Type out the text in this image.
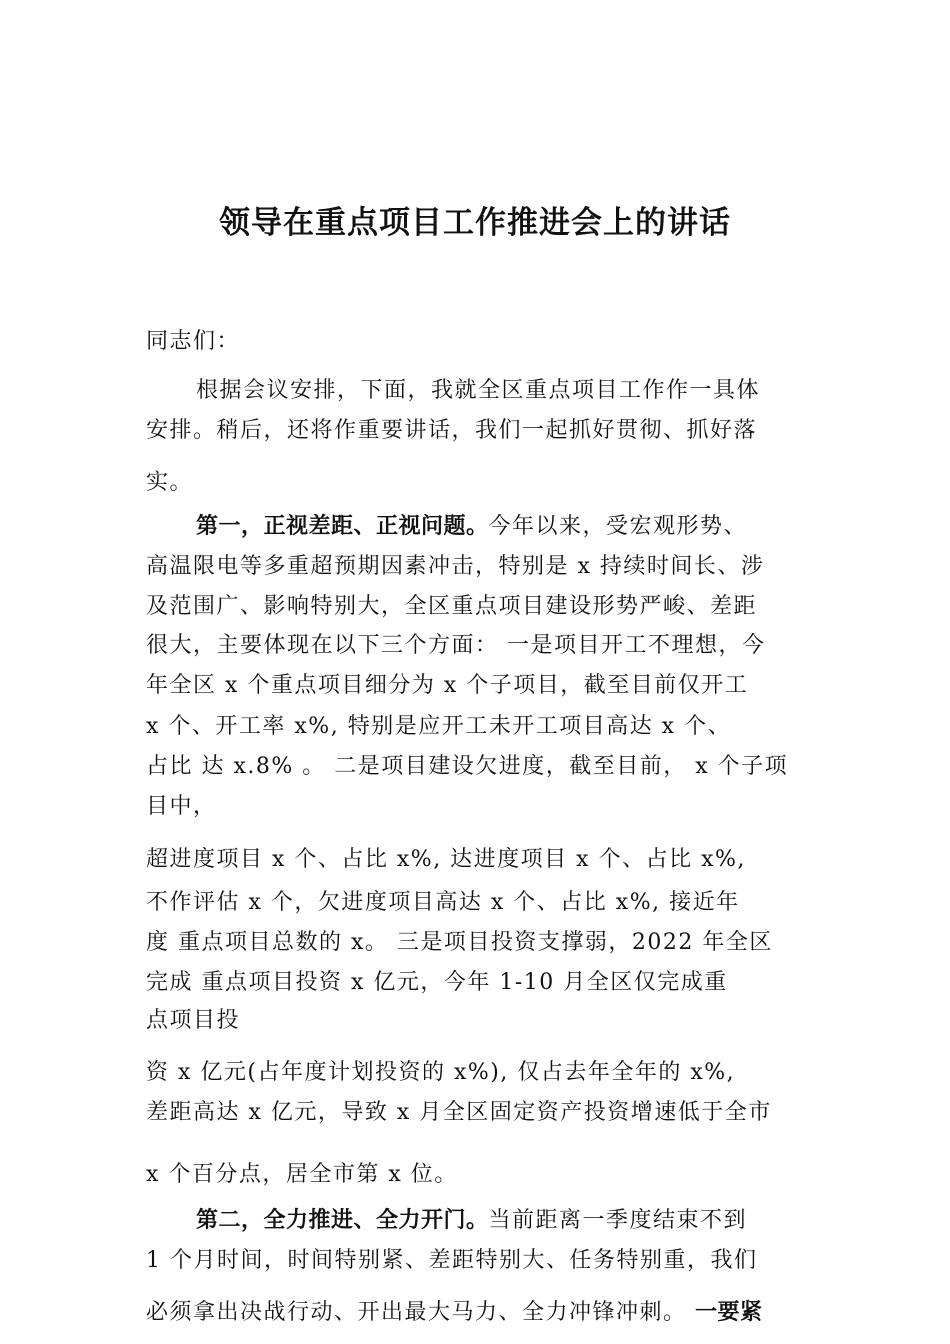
领导在重点项目工作推进会上的讲话
同志们：
根据会议安排，下面，我就全区重点项目工作作一具体
安排。稍后，还将作重要讲话，我们一起抓好贯彻、抓好落
实。
第一，正视差距、正视问题。今年以来，受宏观形势、
高温限电等多重超预期因素冲击，特别是 x 持续时间长、涉
及范围广、影响特别大，全区重点项目建设形势严峻、差距
很大，主要体现在以下三个方面： 一是项目开工不理想，今
年全区 x 个重点项目细分为 x 个子项目，截至目前仅开工
x 个、开工率 x%, 特别是应开工未开工项目高达 x 个、
占比 达 x.8% 。 二是项目建设欠进度，截至目前， x 个子项
目中，
超进度项目 x 个、占比 x%, 达进度项目 x 个、占比 x%,
不作评估 x 个，欠进度项目高达 x 个、占比 x%, 接近年
度 重点项目总数的 x。 三是项目投资支撑弱，2022 年全区
完成 重点项目投资 x 亿元，今年 1-10 月全区仅完成重
点项目投
资 x 亿元(占年度计划投资的 x%), 仅占去年全年的 x%,
差距高达 x 亿元，导致 x 月全区固定资产投资增速低于全市
x 个百分点，居全市第 x 位。
第二，全力推进、全力开门。当前距离一季度结束不到
1 个月时间，时间特别紧、差距特别大、任务特别重，我们
必须拿出决战行动、开出最大马力、全力冲锋冲刺。 一要紧
